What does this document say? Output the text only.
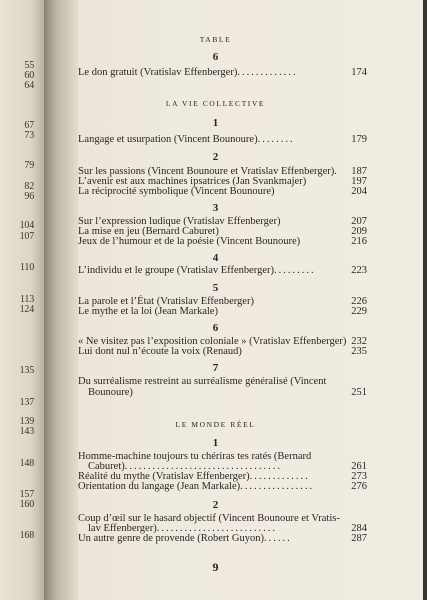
55
60
64
67
73
79
82
96
104
107
110
113
124
135
137
139
143
148
157
160
168
TABLE
6
Le don gratuit (Vratislav Effenberger).............	174
LA VIE COLLECTIVE
1
Langage et usurpation (Vincent Bounoure)........	179
2
Sur les passions (Vincent Bounoure et Vratislav Effenberger).	187
L’avenir est aux machines ipsatrices (Jan Svankmajer)	197
La réciprocité symbolique (Vincent Bounoure)	204
3
Sur l’expression ludique (Vratislav Effenberger)	207
La mise en jeu (Bernard Caburet)	209
Jeux de l’humour et de la poésie (Vincent Bounoure)	216
4
L’individu et le groupe (Vratislav Effenberger).........	223
5
La parole et l’État (Vratislav Effenberger)	226
Le mythe et la loi (Jean Markale)	229
6
« Ne visitez pas l’exposition coloniale » (Vratislav Effenberger) 232
Lui dont nul n’écoute la voix (Renaud)	235
7
Du surréalisme restreint au surréalisme généralisé (Vincent
Bounoure)	251
LE MONDE RÉEL
1
Homme-machine toujours tu chériras tes ratés (Bernard
Caburet)..................................	261
Réalité du mythe (Vratislav Effenberger).............	273
Orientation du langage (Jean Markale)................	276
2
Coup d’œil sur le hasard objectif (Vincent Bounoure et Vratis-
lav Effenberger)..........................	284
Un autre genre de provende (Robert Guyon)......	287
9
